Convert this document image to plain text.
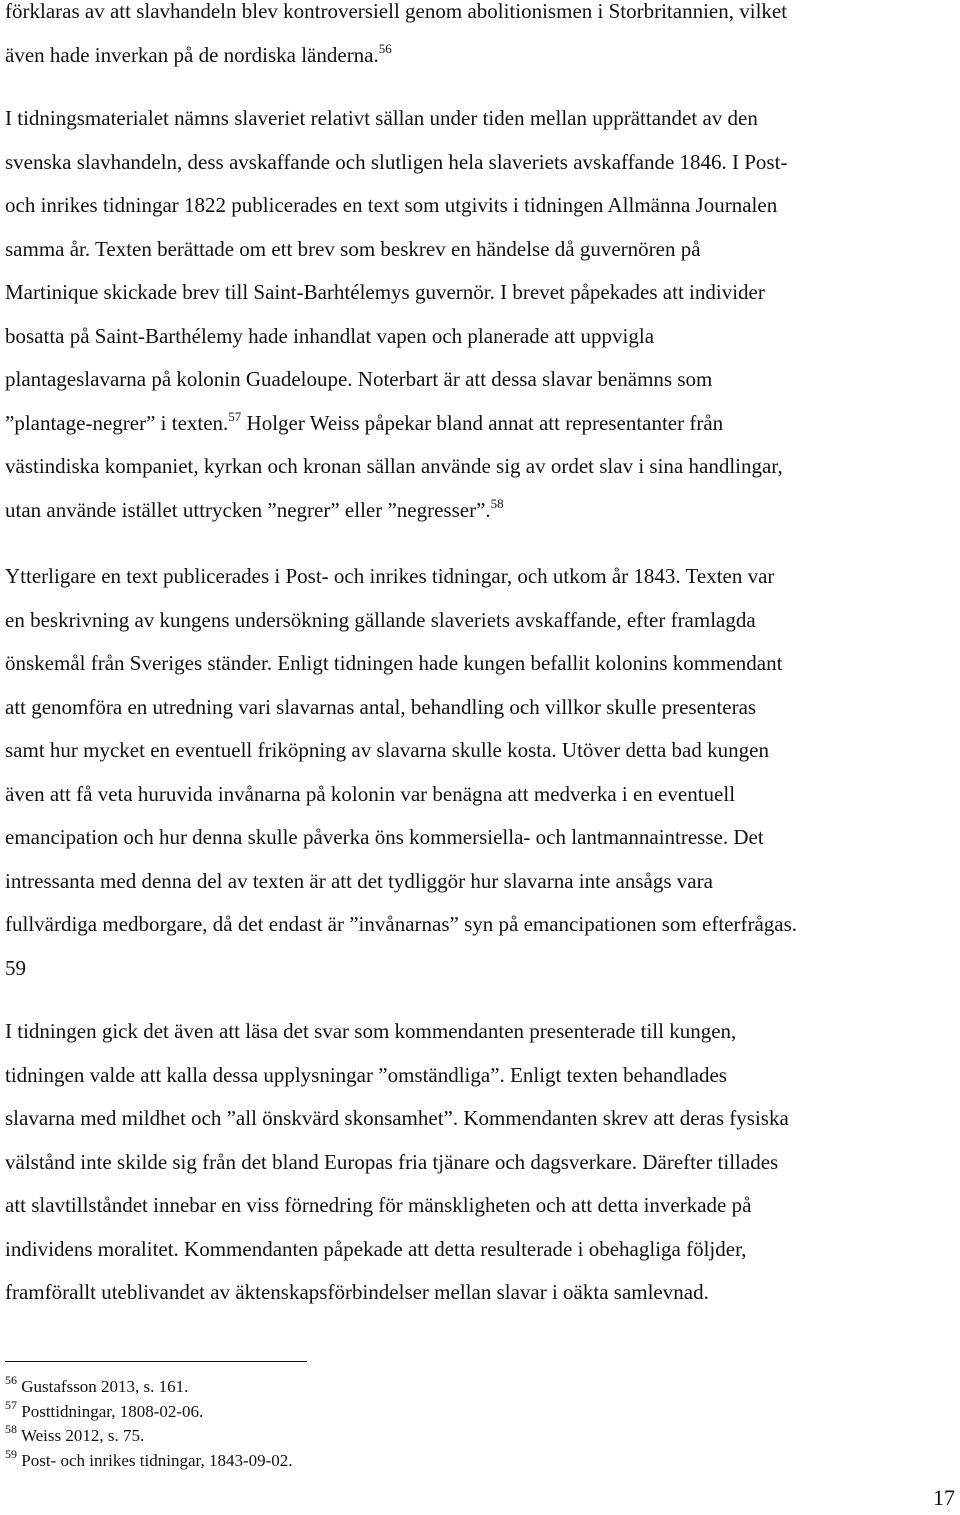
förklaras av att slavhandeln blev kontroversiell genom abolitionismen i Storbritannien, vilket
även hade inverkan på de nordiska länderna.$^{56}$

I tidningsmaterialet nämns slaveriet relativt sällan under tiden mellan upprättandet av den
svenska slavhandeln, dess avskaffande och slutligen hela slaveriets avskaffande 1846. I Post-
och inrikes tidningar 1822 publicerades en text som utgivits i tidningen Allmänna Journalen
samma år. Texten berättade om ett brev som beskrev en händelse då guvernören på
Martinique skickade brev till Saint-Barhtélemys guvernör. I brevet påpekades att individer
bosatta på Saint-Barthélemy hade inhandlat vapen och planerade att uppvigla
plantageslavarna på kolonin Guadeloupe. Noterbart är att dessa slavar benämns som
”plantage-negrer” i texten.$^{57}$ Holger Weiss påpekar bland annat att representanter från
västindiska kompaniet, kyrkan och kronan sällan använde sig av ordet slav i sina handlingar,
utan använde istället uttrycken ”negrer” eller ”negresser”.$^{58}$

Ytterligare en text publicerades i Post- och inrikes tidningar, och utkom år 1843. Texten var
en beskrivning av kungens undersökning gällande slaveriets avskaffande, efter framlagda
önskemål från Sveriges ständer. Enligt tidningen hade kungen befallit kolonins kommendant
att genomföra en utredning vari slavarnas antal, behandling och villkor skulle presenteras
samt hur mycket en eventuell friköpning av slavarna skulle kosta. Utöver detta bad kungen
även att få veta huruvida invånarna på kolonin var benägna att medverka i en eventuell
emancipation och hur denna skulle påverka öns kommersiella- och lantmannaintresse. Det
intressanta med denna del av texten är att det tydliggör hur slavarna inte ansågs vara
fullvärdiga medborgare, då det endast är ”invånarnas” syn på emancipationen som efterfrågas.
59

I tidningen gick det även att läsa det svar som kommendanten presenterade till kungen,
tidningen valde att kalla dessa upplysningar ”omständliga”. Enligt texten behandlades
slavarna med mildhet och ”all önskvärd skonsamhet”. Kommendanten skrev att deras fysiska
välstånd inte skilde sig från det bland Europas fria tjänare och dagsverkare. Därefter tillades
att slavtillståndet innebar en viss förnedring för mänskligheten och att detta inverkade på
individens moralitet. Kommendanten påpekade att detta resulterade i obehagliga följder,
framförallt uteblivandet av äktenskapsförbindelser mellan slavar i oäkta samlevnad.

$^{56}$ Gustafsson 2013, s. 161.
$^{57}$ Posttidningar, 1808-02-06.
$^{58}$ Weiss 2012, s. 75.
$^{59}$ Post- och inrikes tidningar, 1843-09-02.
17
